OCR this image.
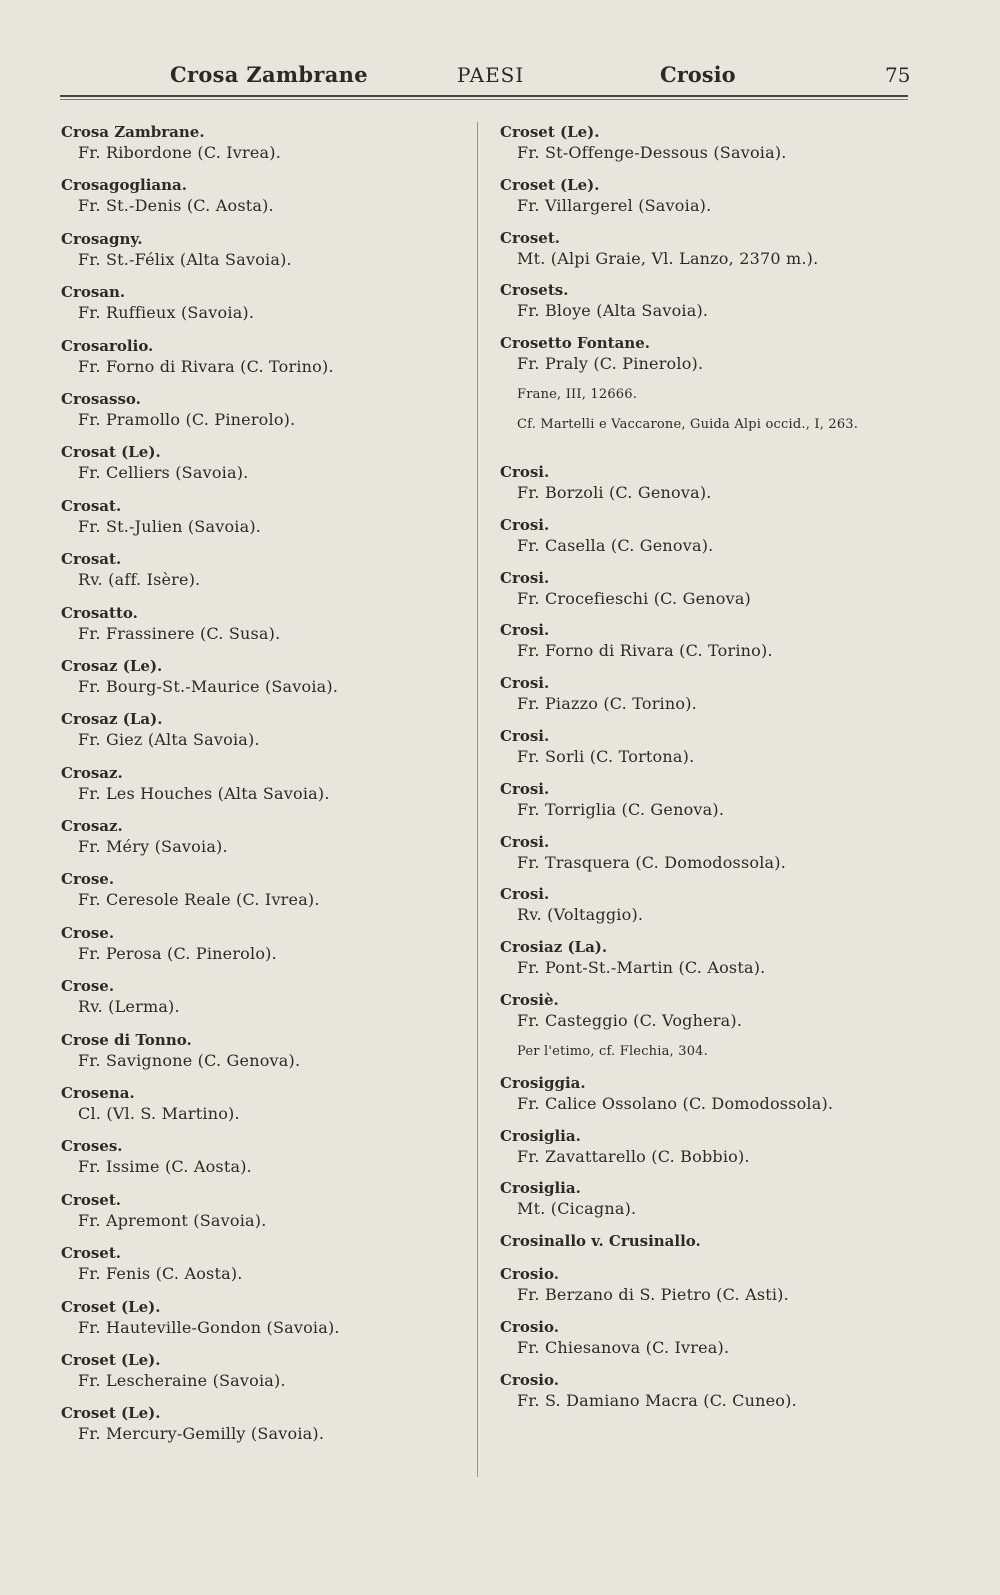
Crosa Zambrane	PAESI	Crosio	75
Crosa Zambrane.
Fr. Ribordone (C. Ivrea).
Crosagogliana.
Fr. St.-Denis (C. Aosta).
Crosagny.
Fr. St.-Félix (Alta Savoia).
Crosan.
Fr. Ruffieux (Savoia).
Crosarolio.
Fr. Forno di Rivara (C. Torino).
Crosasso.
Fr. Pramollo (C. Pinerolo).
Crosat (Le).
Fr. Celliers (Savoia).
Crosat.
Fr. St.-Julien (Savoia).
Crosat.
Rv. (aff. Isère).
Crosatto.
Fr. Frassinere (C. Susa).
Crosaz (Le).
Fr. Bourg-St.-Maurice (Savoia).
Crosaz (La).
Fr. Giez (Alta Savoia).
Crosaz.
Fr. Les Houches (Alta Savoia).
Crosaz.
Fr. Méry (Savoia).
Crose.
Fr. Ceresole Reale (C. Ivrea).
Crose.
Fr. Perosa (C. Pinerolo).
Crose.
Rv. (Lerma).
Crose di Tonno.
Fr. Savignone (C. Genova).
Crosena.
Cl. (Vl. S. Martino).
Croses.
Fr. Issime (C. Aosta).
Croset.
Fr. Apremont (Savoia).
Croset.
Fr. Fenis (C. Aosta).
Croset (Le).
Fr. Hauteville-Gondon (Savoia).
Croset (Le).
Fr. Lescheraine (Savoia).
Croset (Le).
Fr. Mercury-Gemilly (Savoia).
Croset (Le).
Fr. St-Offenge-Dessous (Savoia).
Croset (Le).
Fr. Villargerel (Savoia).
Croset.
Mt. (Alpi Graie, Vl. Lanzo, 2370 m.).
Crosets.
Fr. Bloye (Alta Savoia).
Crosetto Fontane.
Fr. Praly (C. Pinerolo).
Frane, III, 12666.
Cf. Martelli e Vaccarone, Guida Alpi occid., I, 263.
Crosi.
Fr. Borzoli (C. Genova).
Crosi.
Fr. Casella (C. Genova).
Crosi.
Fr. Crocefieschi (C. Genova)
Crosi.
Fr. Forno di Rivara (C. Torino).
Crosi.
Fr. Piazzo (C. Torino).
Crosi.
Fr. Sorli (C. Tortona).
Crosi.
Fr. Torriglia (C. Genova).
Crosi.
Fr. Trasquera (C. Domodossola).
Crosi.
Rv. (Voltaggio).
Crosiaz (La).
Fr. Pont-St.-Martin (C. Aosta).
Crosiè.
Fr. Casteggio (C. Voghera).
Per l'etimo, cf. Flechia, 304.
Crosiggia.
Fr. Calice Ossolano (C. Domodossola).
Crosiglia.
Fr. Zavattarello (C. Bobbio).
Crosiglia.
Mt. (Cicagna).
Crosinallo v. Crusinallo.
Crosio.
Fr. Berzano di S. Pietro (C. Asti).
Crosio.
Fr. Chiesanova (C. Ivrea).
Crosio.
Fr. S. Damiano Macra (C. Cuneo).
